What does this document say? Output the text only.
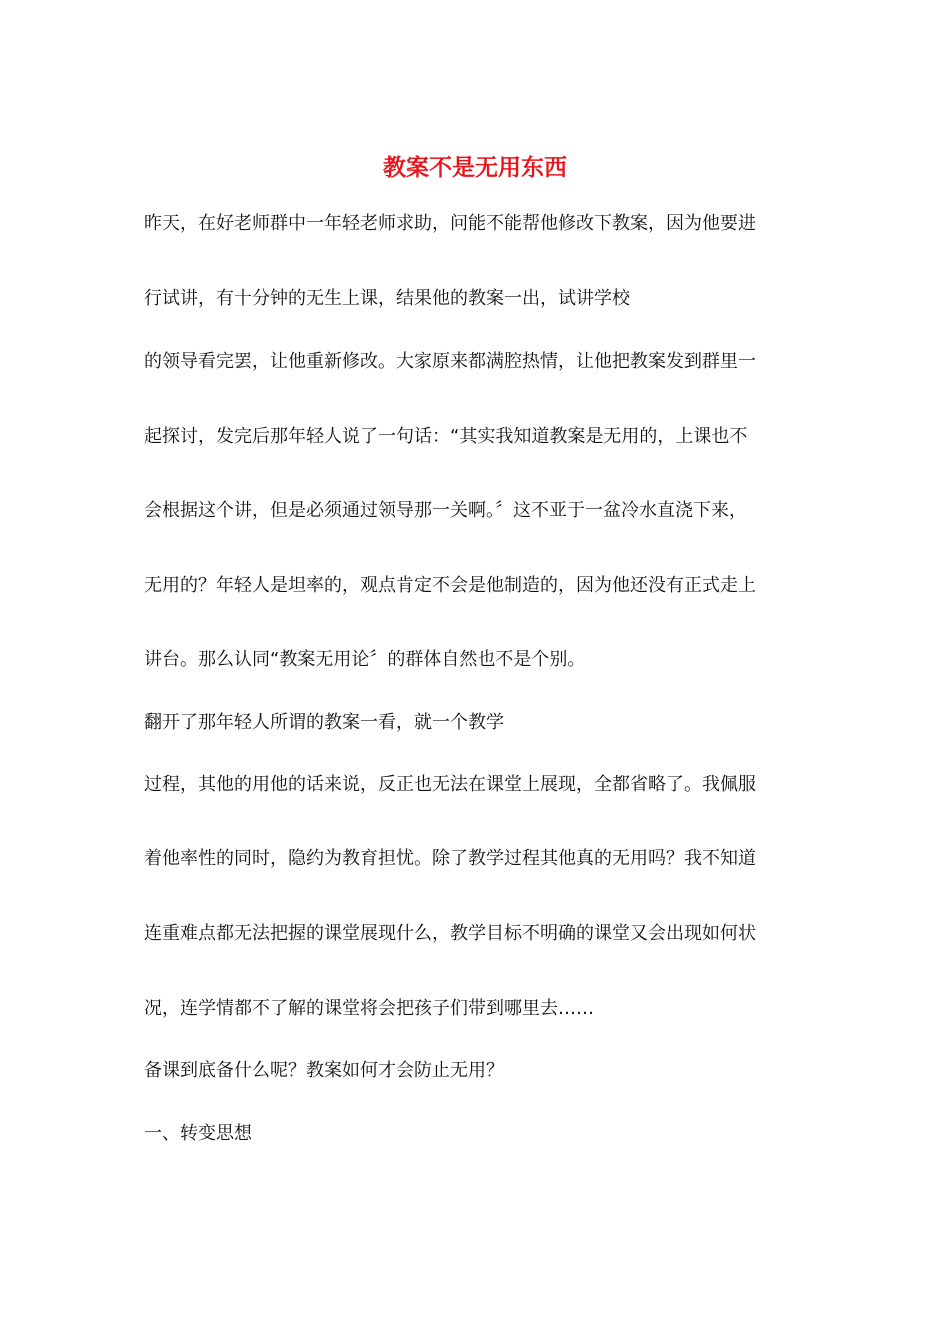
教案不是无用东西
昨天，在好老师群中一年轻老师求助，问能不能帮他修改下教案，因为他要进
行试讲，有十分钟的无生上课，结果他的教案一出，试讲学校
的领导看完罢，让他重新修改。大家原来都满腔热情，让他把教案发到群里一
起探讨，发完后那年轻人说了一句话：“其实我知道教案是无用的，上课也不
会根据这个讲，但是必须通过领导那一关啊。〞这不亚于一盆冷水直浇下来，
无用的？年轻人是坦率的，观点肯定不会是他制造的，因为他还没有正式走上
讲台。那么认同“教案无用论〞的群体自然也不是个别。
翻开了那年轻人所谓的教案一看，就一个教学
过程，其他的用他的话来说，反正也无法在课堂上展现，全都省略了。我佩服
着他率性的同时，隐约为教育担忧。除了教学过程其他真的无用吗？我不知道
连重难点都无法把握的课堂展现什么，教学目标不明确的课堂又会出现如何状
况，连学情都不了解的课堂将会把孩子们带到哪里去……
备课到底备什么呢？教案如何才会防止无用？
一、转变思想
